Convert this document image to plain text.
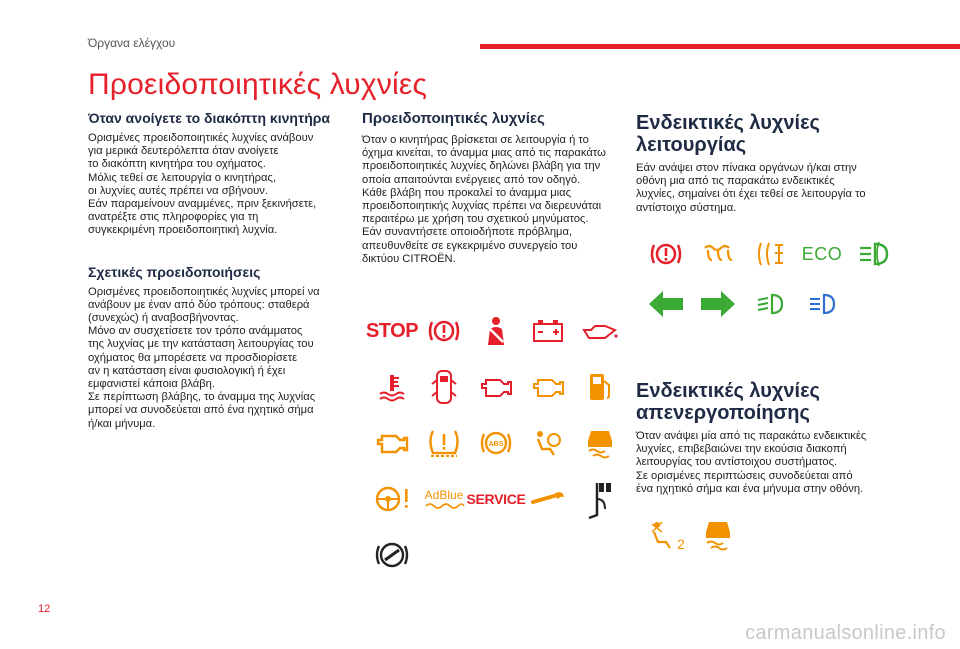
Όργανα ελέγχου
Προειδοποιητικές λυχνίες
Όταν ανοίγετε το διακόπτη κινητήρα

Ορισμένες προειδοποιητικές λυχνίες ανάβουν
για μερικά δευτερόλεπτα όταν ανοίγετε
το διακόπτη κινητήρα του οχήματος.
Μόλις τεθεί σε λειτουργία ο κινητήρας,
οι λυχνίες αυτές πρέπει να σβήνουν.
Εάν παραμείνουν αναμμένες, πριν ξεκινήσετε,
ανατρέξτε στις πληροφορίες για τη
συγκεκριμένη προειδοποιητική λυχνία.

Σχετικές προειδοποιήσεις

Ορισμένες προειδοποιητικές λυχνίες μπορεί να
ανάβουν με έναν από δύο τρόπους: σταθερά
(συνεχώς) ή αναβοσβήνοντας.
Μόνο αν συσχετίσετε τον τρόπο ανάμματος
της λυχνίας με την κατάσταση λειτουργίας του
οχήματος θα μπορέσετε να προσδιορίσετε
αν η κατάσταση είναι φυσιολογική ή έχει
εμφανιστεί κάποια βλάβη.
Σε περίπτωση βλάβης, το άναμμα της λυχνίας
μπορεί να συνοδεύεται από ένα ηχητικό σήμα
ή/και μήνυμα.

Προειδοποιητικές λυχνίες

Όταν ο κινητήρας βρίσκεται σε λειτουργία ή το
όχημα κινείται, το άναμμα μιας από τις παρακάτω
προειδοποιητικές λυχνίες δηλώνει βλάβη για την
οποία απαιτούνται ενέργειες από τον οδηγό.
Κάθε βλάβη που προκαλεί το άναμμα μιας
προειδοποιητικής λυχνίας πρέπει να διερευνάται
περαιτέρω με χρήση του σχετικού μηνύματος.
Εάν συναντήσετε οποιοδήποτε πρόβλημα,
απευθυνθείτε σε εγκεκριμένο συνεργείο του
δικτύου CITROËN.

STOP
ABS
AdBlue SERVICE
Ενδεικτικές λυχνίες λειτουργίας

Εάν ανάψει στον πίνακα οργάνων ή/και στην
οθόνη μια από τις παρακάτω ενδεικτικές
λυχνίες, σημαίνει ότι έχει τεθεί σε λειτουργία το
αντίστοιχο σύστημα.

ECO
Ενδεικτικές λυχνίες απενεργοποίησης

Όταν ανάψει μία από τις παρακάτω ενδεικτικές
λυχνίες, επιβεβαιώνει την εκούσια διακοπή
λειτουργίας του αντίστοιχου συστήματος.
Σε ορισμένες περιπτώσεις συνοδεύεται από
ένα ηχητικό σήμα και ένα μήνυμα στην οθόνη.

2
12
carmanualsonline.info
